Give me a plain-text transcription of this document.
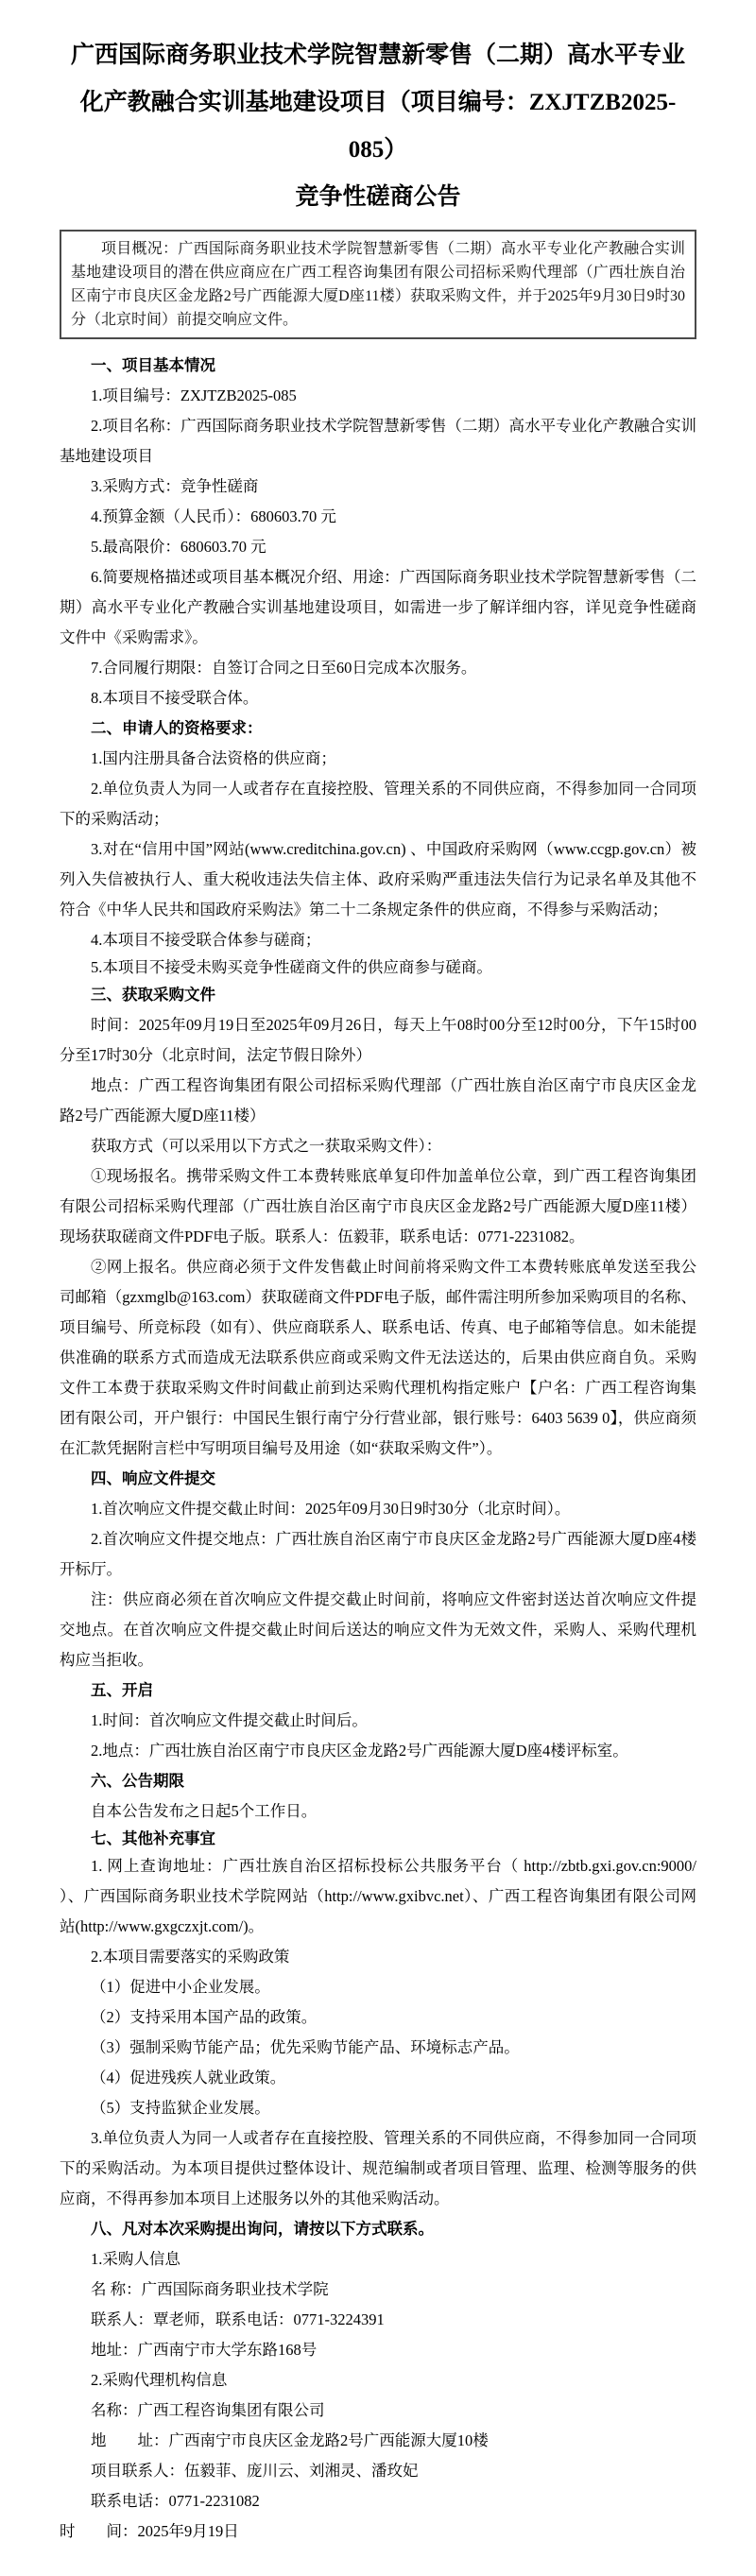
广西国际商务职业技术学院智慧新零售（二期）高水平专业
化产教融合实训基地建设项目（项目编号：ZXJTZB2025-085）
竞争性磋商公告
项目概况：广西国际商务职业技术学院智慧新零售（二期）高水平专业化产教融合实训基地建设项目的潜在供应商应在广西工程咨询集团有限公司招标采购代理部（广西壮族自治区南宁市良庆区金龙路2号广西能源大厦D座11楼）获取采购文件，并于2025年9月30日9时30分（北京时间）前提交响应文件。

一、项目基本情况

1.项目编号：ZXJTZB2025-085

2.项目名称：广西国际商务职业技术学院智慧新零售（二期）高水平专业化产教融合实训基地建设项目

3.采购方式：竞争性磋商

4.预算金额（人民币）：680603.70 元

5.最高限价：680603.70 元

6.简要规格描述或项目基本概况介绍、用途：广西国际商务职业技术学院智慧新零售（二期）高水平专业化产教融合实训基地建设项目，如需进一步了解详细内容，详见竞争性磋商文件中《采购需求》。

7.合同履行期限：自签订合同之日至60日完成本次服务。

8.本项目不接受联合体。

二、申请人的资格要求：

1.国内注册具备合法资格的供应商；

2.单位负责人为同一人或者存在直接控股、管理关系的不同供应商，不得参加同一合同项下的采购活动；

3.对在“信用中国”网站(www.creditchina.gov.cn) 、中国政府采购网（www.ccgp.gov.cn）被列入失信被执行人、重大税收违法失信主体、政府采购严重违法失信行为记录名单及其他不符合《中华人民共和国政府采购法》第二十二条规定条件的供应商，不得参与采购活动；

4.本项目不接受联合体参与磋商；

5.本项目不接受未购买竞争性磋商文件的供应商参与磋商。

三、获取采购文件

时间：2025年09月19日至2025年09月26日，每天上午08时00分至12时00分，下午15时00分至17时30分（北京时间，法定节假日除外）

地点：广西工程咨询集团有限公司招标采购代理部（广西壮族自治区南宁市良庆区金龙路2号广西能源大厦D座11楼）

获取方式（可以采用以下方式之一获取采购文件）：

①现场报名。携带采购文件工本费转账底单复印件加盖单位公章，到广西工程咨询集团有限公司招标采购代理部（广西壮族自治区南宁市良庆区金龙路2号广西能源大厦D座11楼）现场获取磋商文件PDF电子版。联系人：伍毅菲，联系电话：0771-2231082。

②网上报名。供应商必须于文件发售截止时间前将采购文件工本费转账底单发送至我公司邮箱（gzxmglb@163.com）获取磋商文件PDF电子版，邮件需注明所参加采购项目的名称、项目编号、所竞标段（如有）、供应商联系人、联系电话、传真、电子邮箱等信息。如未能提供准确的联系方式而造成无法联系供应商或采购文件无法送达的，后果由供应商自负。采购文件工本费于获取采购文件时间截止前到达采购代理机构指定账户【户名：广西工程咨询集团有限公司，开户银行：中国民生银行南宁分行营业部，银行账号：6403 5639 0】，供应商须在汇款凭据附言栏中写明项目编号及用途（如“获取采购文件”）。

四、响应文件提交

1.首次响应文件提交截止时间：2025年09月30日9时30分（北京时间）。

2.首次响应文件提交地点：广西壮族自治区南宁市良庆区金龙路2号广西能源大厦D座4楼开标厅。

注：供应商必须在首次响应文件提交截止时间前，将响应文件密封送达首次响应文件提交地点。在首次响应文件提交截止时间后送达的响应文件为无效文件，采购人、采购代理机构应当拒收。

五、开启

1.时间：首次响应文件提交截止时间后。

2.地点：广西壮族自治区南宁市良庆区金龙路2号广西能源大厦D座4楼评标室。

六、公告期限

自本公告发布之日起5个工作日。

七、其他补充事宜

1. 网上查询地址：广西壮族自治区招标投标公共服务平台（ http://zbtb.gxi.gov.cn:9000/ ）、广西国际商务职业技术学院网站（http://www.gxibvc.net）、广西工程咨询集团有限公司网站(http://www.gxgczxjt.com/)。

2.本项目需要落实的采购政策

（1）促进中小企业发展。

（2）支持采用本国产品的政策。

（3）强制采购节能产品；优先采购节能产品、环境标志产品。

（4）促进残疾人就业政策。

（5）支持监狱企业发展。

3.单位负责人为同一人或者存在直接控股、管理关系的不同供应商，不得参加同一合同项下的采购活动。为本项目提供过整体设计、规范编制或者项目管理、监理、检测等服务的供应商，不得再参加本项目上述服务以外的其他采购活动。

八、凡对本次采购提出询问，请按以下方式联系。

1.采购人信息

名 称：广西国际商务职业技术学院

联系人：覃老师，联系电话：0771-3224391

地址：广西南宁市大学东路168号

2.采购代理机构信息

名称：广西工程咨询集团有限公司

地　　址：广西南宁市良庆区金龙路2号广西能源大厦10楼

项目联系人：伍毅菲、庞川云、刘湘灵、潘玫妃

联系电话：0771-2231082

时　　间：2025年9月19日
